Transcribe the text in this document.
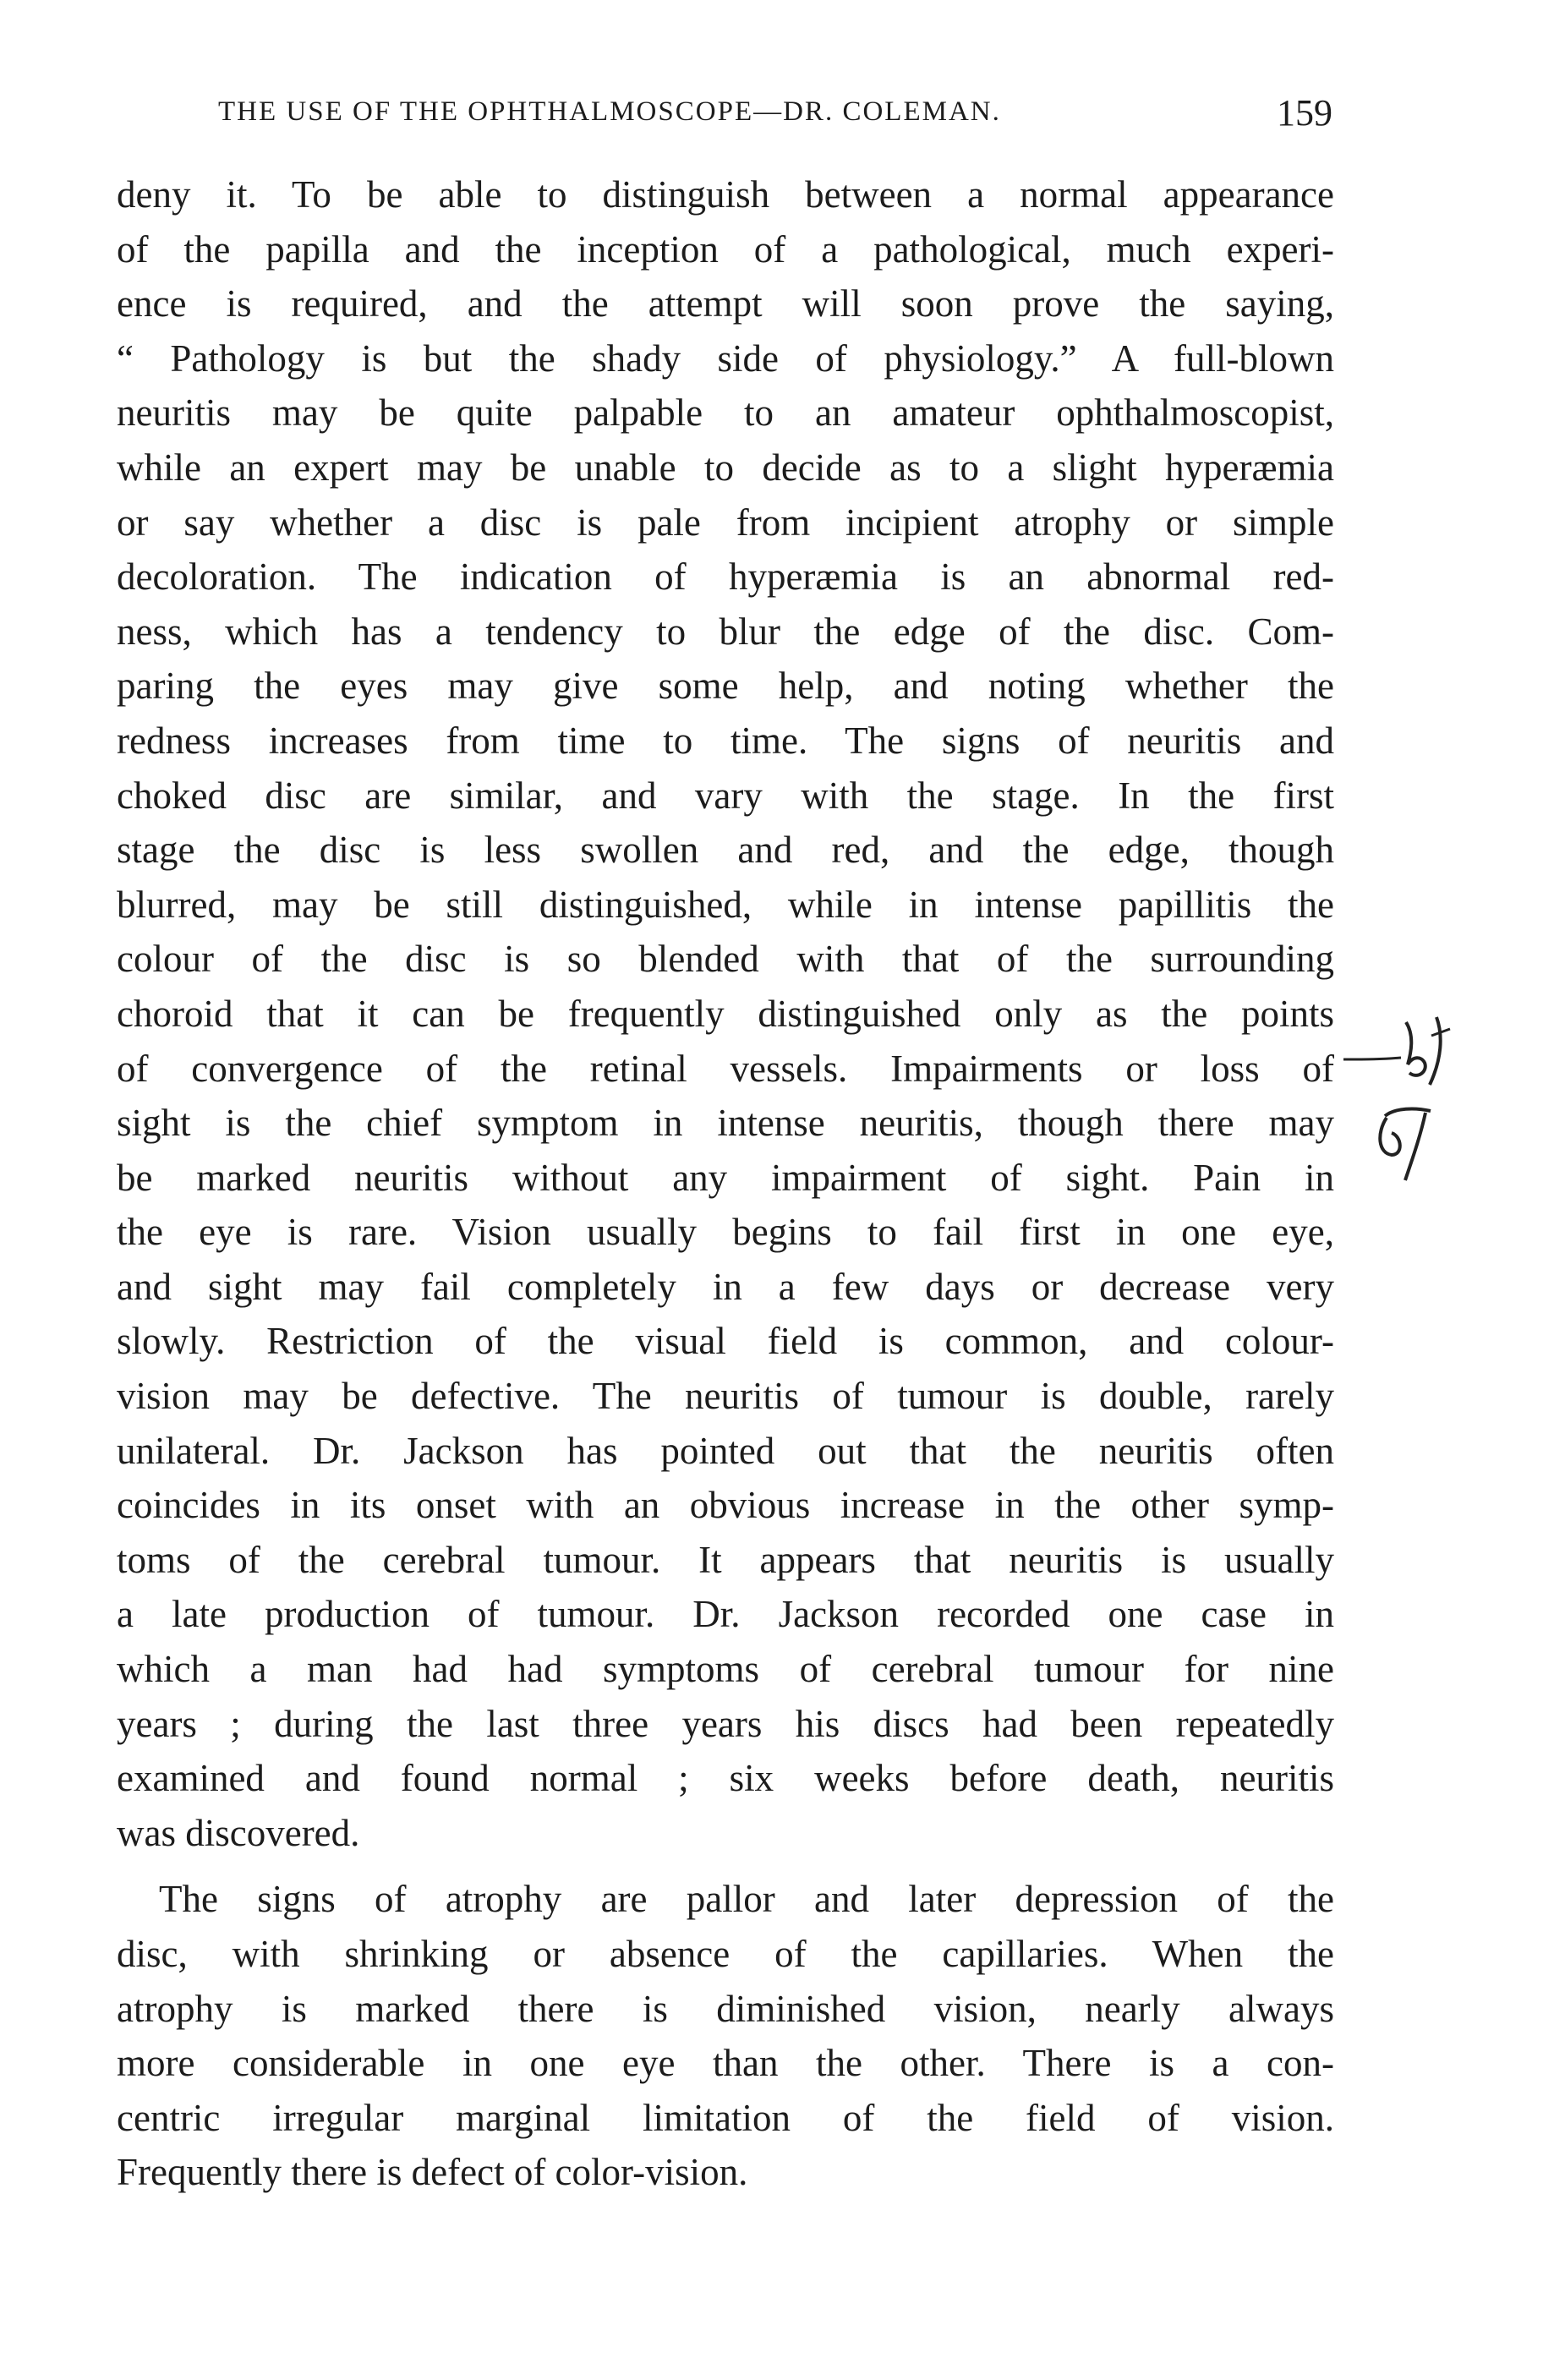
THE USE OF THE OPHTHALMOSCOPE—DR. COLEMAN.	159
deny it. To be able to distinguish between a normal appearance
of the papilla and the inception of a pathological, much experi-
ence is required, and the attempt will soon prove the saying,
“ Pathology is but the shady side of physiology.” A full-blown
neuritis may be quite palpable to an amateur ophthalmoscopist,
while an expert may be unable to decide as to a slight hyperæmia
or say whether a disc is pale from incipient atrophy or simple
decoloration. The indication of hyperæmia is an abnormal red-
ness, which has a tendency to blur the edge of the disc. Com-
paring the eyes may give some help, and noting whether the
redness increases from time to time. The signs of neuritis and
choked disc are similar, and vary with the stage. In the first
stage the disc is less swollen and red, and the edge, though
blurred, may be still distinguished, while in intense papillitis the
colour of the disc is so blended with that of the surrounding
choroid that it can be frequently distinguished only as the points
of convergence of the retinal vessels. Impairments or loss of
sight is the chief symptom in intense neuritis, though there may
be marked neuritis without any impairment of sight. Pain in
the eye is rare. Vision usually begins to fail first in one eye,
and sight may fail completely in a few days or decrease very
slowly. Restriction of the visual field is common, and colour-
vision may be defective. The neuritis of tumour is double, rarely
unilateral. Dr. Jackson has pointed out that the neuritis often
coincides in its onset with an obvious increase in the other symp-
toms of the cerebral tumour. It appears that neuritis is usually
a late production of tumour. Dr. Jackson recorded one case in
which a man had had symptoms of cerebral tumour for nine
years ; during the last three years his discs had been repeatedly
examined and found normal ; six weeks before death, neuritis
was discovered.
The signs of atrophy are pallor and later depression of the
disc, with shrinking or absence of the capillaries. When the
atrophy is marked there is diminished vision, nearly always
more considerable in one eye than the other. There is a con-
centric irregular marginal limitation of the field of vision.
Frequently there is defect of color-vision.
